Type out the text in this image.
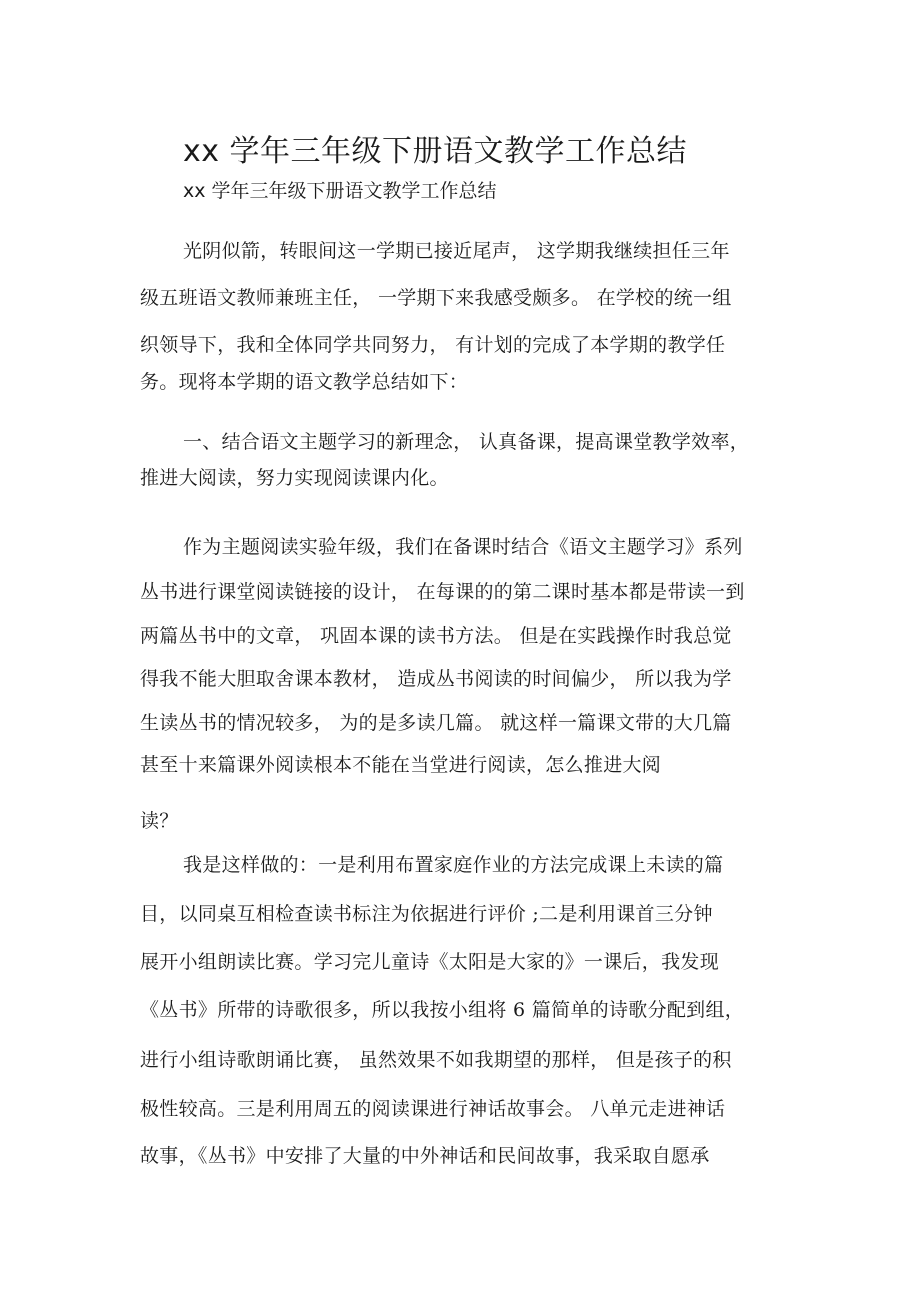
xx 学年三年级下册语文教学工作总结
xx 学年三年级下册语文教学工作总结
光阴似箭，转眼间这一学期已接近尾声， 这学期我继续担任三年
级五班语文教师兼班主任， 一学期下来我感受颇多。 在学校的统一组
织领导下，我和全体同学共同努力， 有计划的完成了本学期的教学任
务。现将本学期的语文教学总结如下：
一、结合语文主题学习的新理念， 认真备课，提高课堂教学效率，
推进大阅读，努力实现阅读课内化。
作为主题阅读实验年级，我们在备课时结合《语文主题学习》系列
丛书进行课堂阅读链接的设计， 在每课的的第二课时基本都是带读一到
两篇丛书中的文章， 巩固本课的读书方法。 但是在实践操作时我总觉
得我不能大胆取舍课本教材， 造成丛书阅读的时间偏少， 所以我为学
生读丛书的情况较多， 为的是多读几篇。 就这样一篇课文带的大几篇
甚至十来篇课外阅读根本不能在当堂进行阅读，怎么推进大阅
读？
我是这样做的：一是利用布置家庭作业的方法完成课上未读的篇
目，以同桌互相检查读书标注为依据进行评价 ;二是利用课首三分钟
展开小组朗读比赛。学习完儿童诗《太阳是大家的》一课后，我发现
《丛书》所带的诗歌很多，所以我按小组将 6 篇简单的诗歌分配到组，
进行小组诗歌朗诵比赛， 虽然效果不如我期望的那样， 但是孩子的积
极性较高。三是利用周五的阅读课进行神话故事会。 八单元走进神话
故事，《丛书》中安排了大量的中外神话和民间故事，我采取自愿承
